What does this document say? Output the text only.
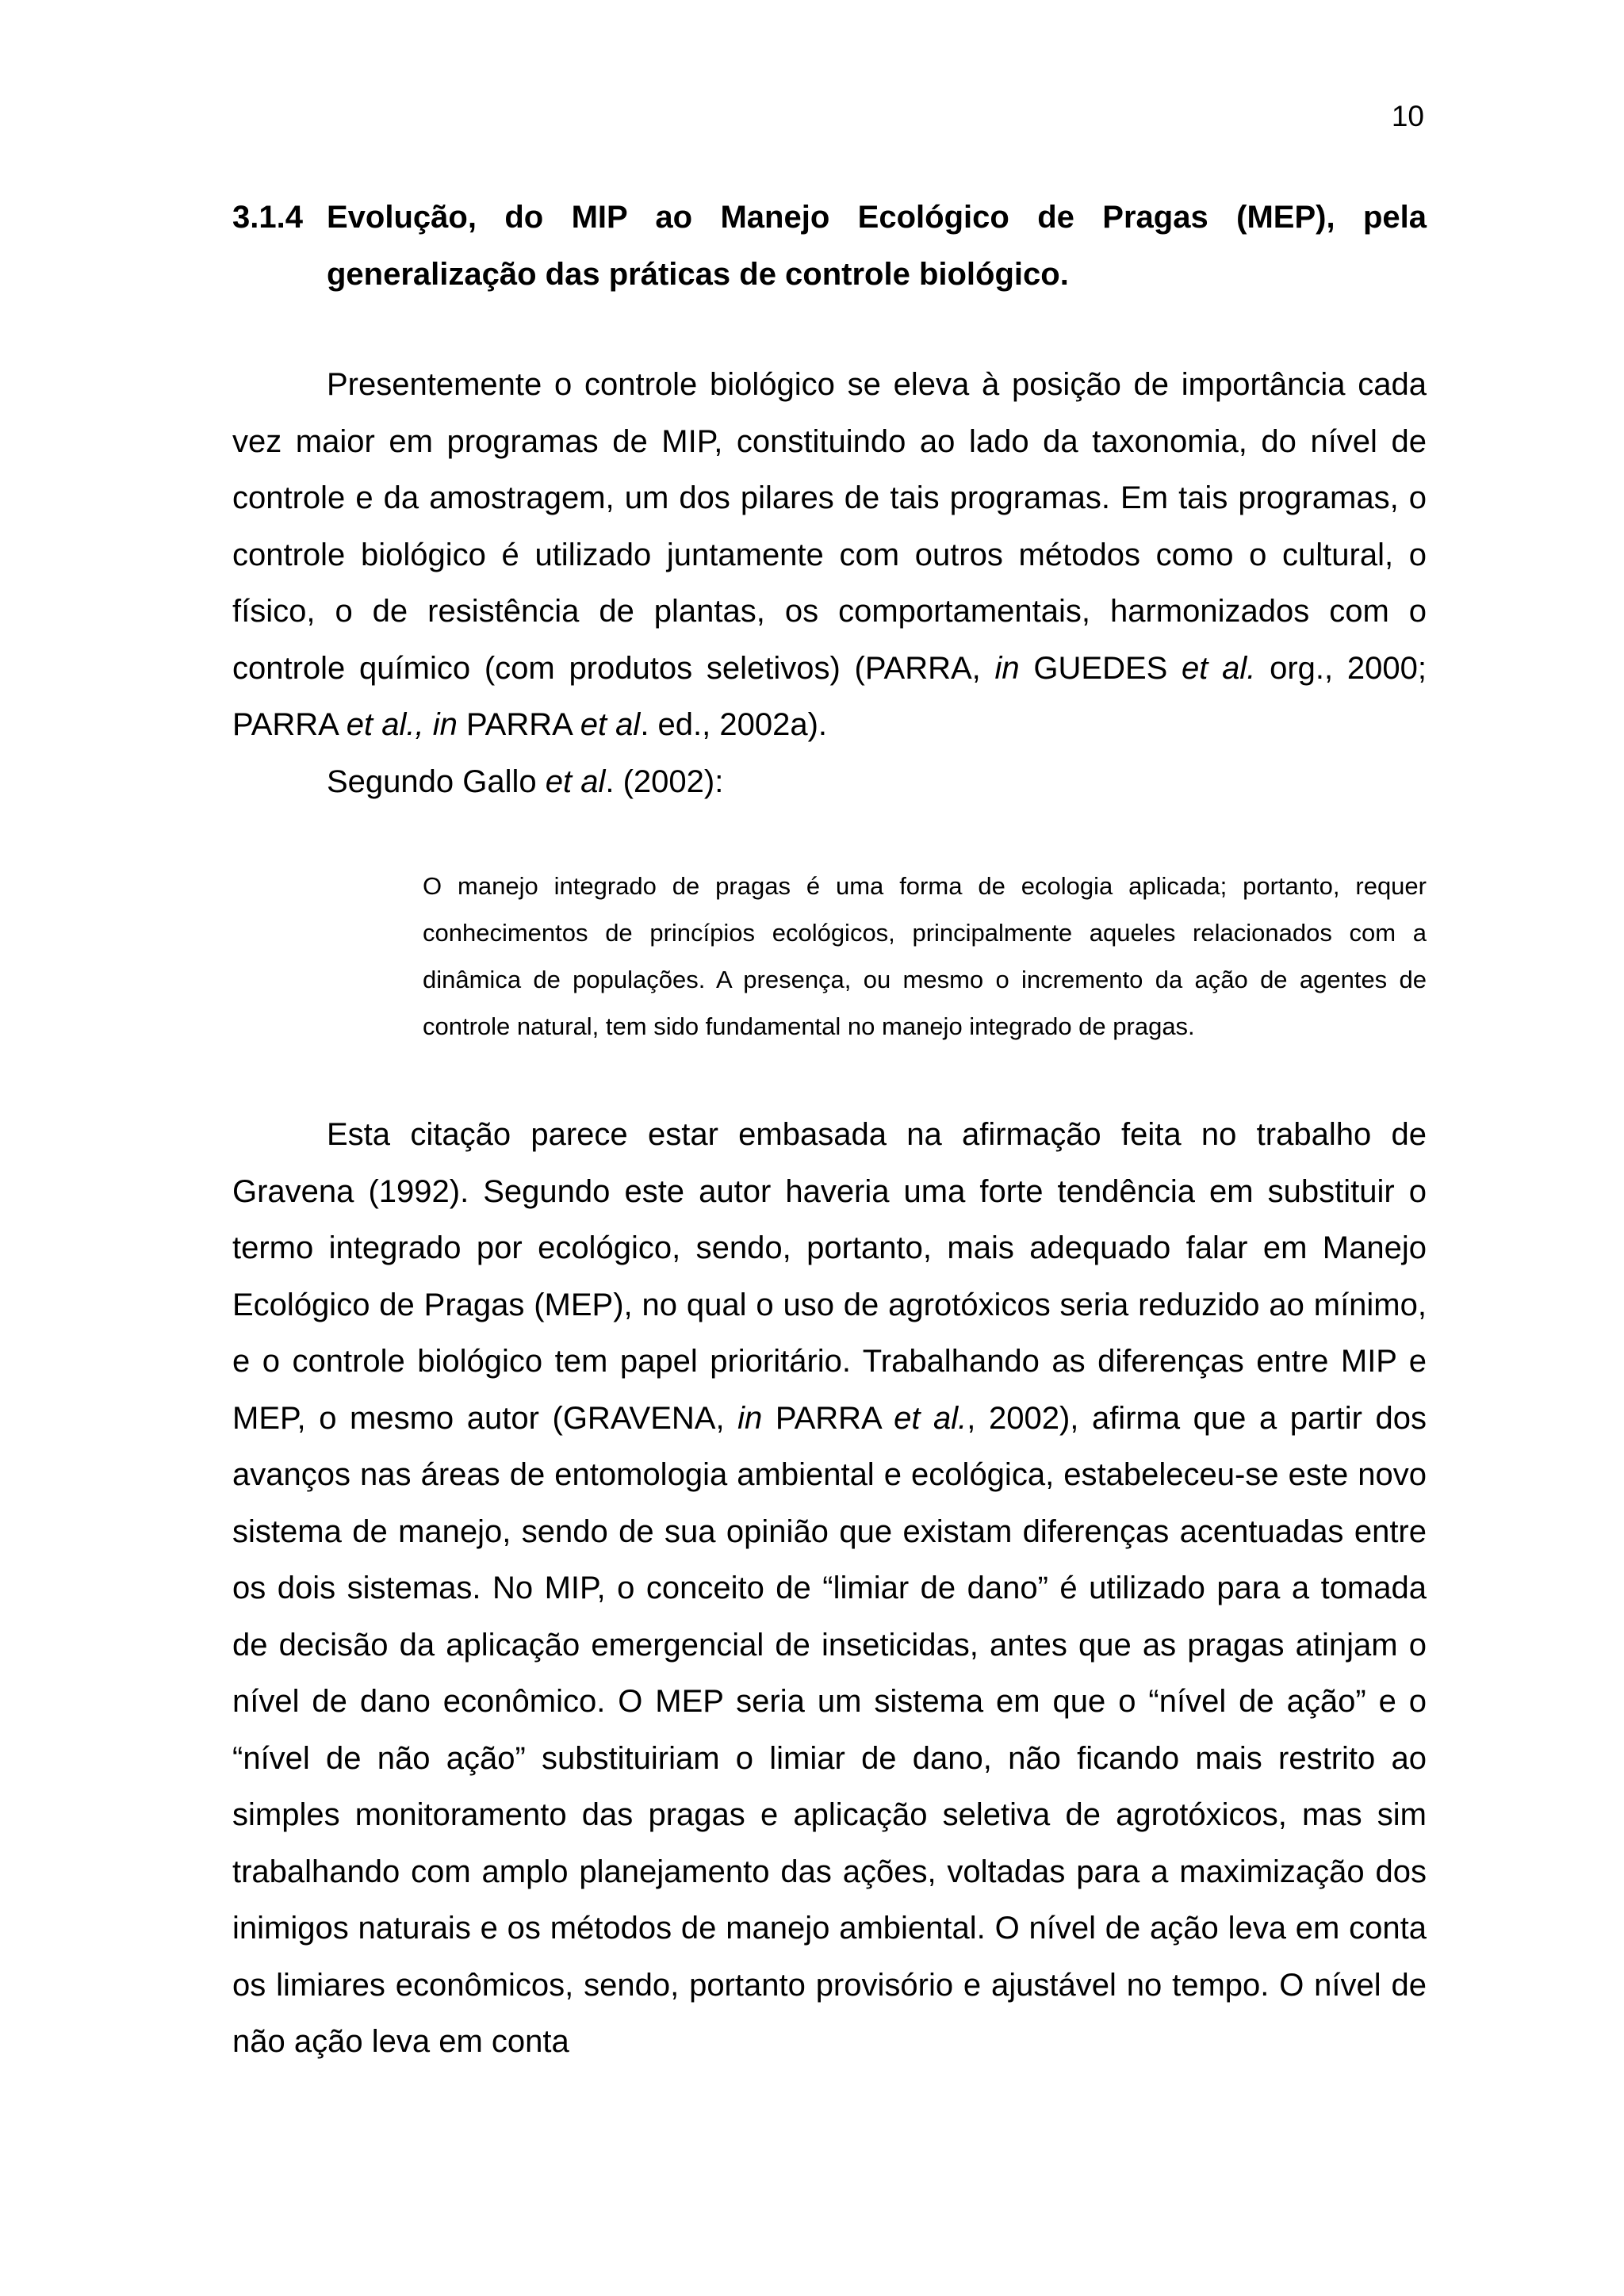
10
3.1.4 Evolução, do MIP ao Manejo Ecológico de Pragas (MEP), pela generalização das práticas de controle biológico.

Presentemente o controle biológico se eleva à posição de importância cada vez maior em programas de MIP, constituindo ao lado da taxonomia, do nível de controle e da amostragem, um dos pilares de tais programas. Em tais programas, o controle biológico é utilizado juntamente com outros métodos como o cultural, o físico, o de resistência de plantas, os comportamentais, harmonizados com o controle químico (com produtos seletivos) (PARRA, in GUEDES et al. org., 2000; PARRA et al., in PARRA et al. ed., 2002a).

Segundo Gallo et al. (2002):

O manejo integrado de pragas é uma forma de ecologia aplicada; portanto, requer conhecimentos de princípios ecológicos, principalmente aqueles relacionados com a dinâmica de populações. A presença, ou mesmo o incremento da ação de agentes de controle natural, tem sido fundamental no manejo integrado de pragas.

Esta citação parece estar embasada na afirmação feita no trabalho de Gravena (1992). Segundo este autor haveria uma forte tendência em substituir o termo integrado por ecológico, sendo, portanto, mais adequado falar em Manejo Ecológico de Pragas (MEP), no qual o uso de agrotóxicos seria reduzido ao mínimo, e o controle biológico tem papel prioritário. Trabalhando as diferenças entre MIP e MEP, o mesmo autor (GRAVENA, in PARRA et al., 2002), afirma que a partir dos avanços nas áreas de entomologia ambiental e ecológica, estabeleceu-se este novo sistema de manejo, sendo de sua opinião que existam diferenças acentuadas entre os dois sistemas. No MIP, o conceito de “limiar de dano” é utilizado para a tomada de decisão da aplicação emergencial de inseticidas, antes que as pragas atinjam o nível de dano econômico. O MEP seria um sistema em que o “nível de ação” e o “nível de não ação” substituiriam o limiar de dano, não ficando mais restrito ao simples monitoramento das pragas e aplicação seletiva de agrotóxicos, mas sim trabalhando com amplo planejamento das ações, voltadas para a maximização dos inimigos naturais e os métodos de manejo ambiental. O nível de ação leva em conta os limiares econômicos, sendo, portanto provisório e ajustável no tempo. O nível de não ação leva em conta
